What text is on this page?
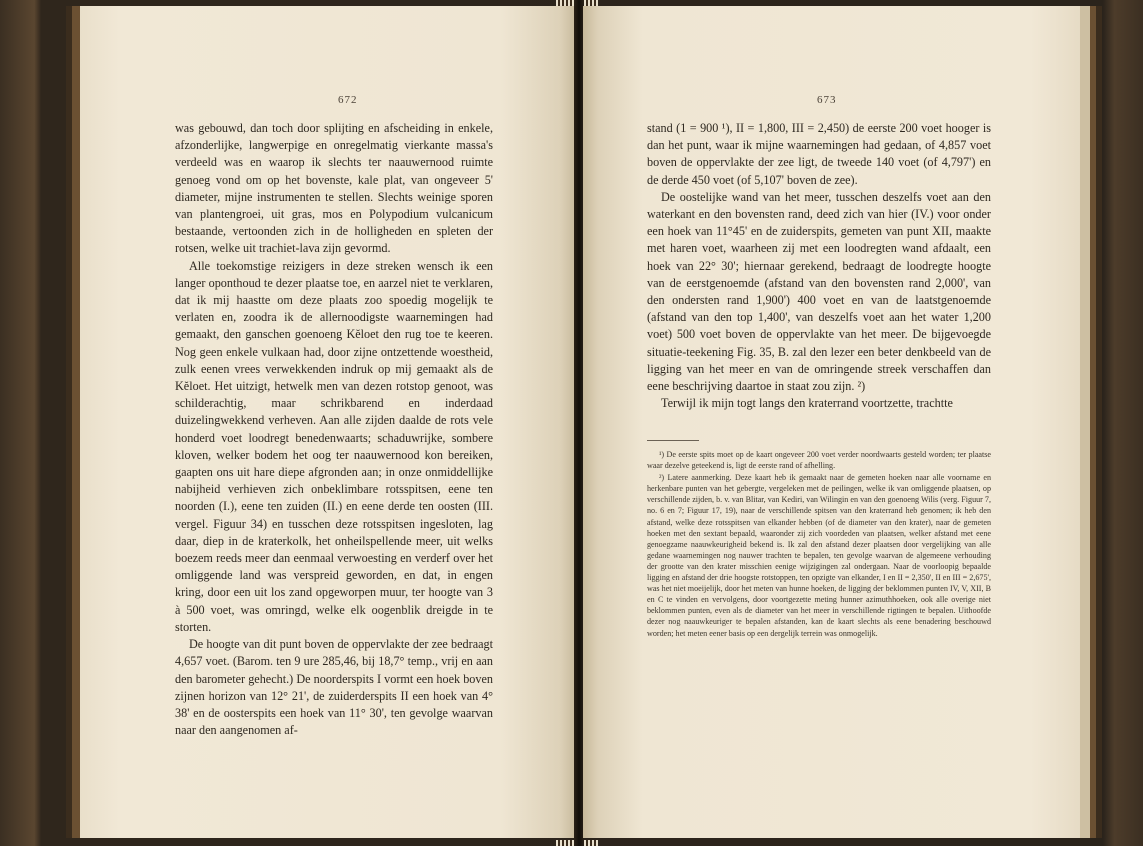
672

was gebouwd, dan toch door splijting en afscheiding in enkele, afzonderlijke, langwerpige en onregelmatig vierkante massa's verdeeld was en waarop ik slechts ter naauwernood ruimte genoeg vond om op het bovenste, kale plat, van ongeveer 5' diameter, mijne instrumenten te stellen. Slechts weinige sporen van plantengroei, uit gras, mos en Polypodium vulcanicum bestaande, vertoonden zich in de holligheden en spleten der rotsen, welke uit trachiet-lava zijn gevormd.

Alle toekomstige reizigers in deze streken wensch ik een langer oponthoud te dezer plaatse toe, en aarzel niet te verklaren, dat ik mij haastte om deze plaats zoo spoedig mogelijk te verlaten en, zoodra ik de allernoodigste waarnemingen had gemaakt, den ganschen goenoeng Kĕloet den rug toe te keeren. Nog geen enkele vulkaan had, door zijne ontzettende woestheid, zulk eenen vrees verwekkenden indruk op mij gemaakt als de Kĕloet. Het uitzigt, hetwelk men van dezen rotstop genoot, was schilderachtig, maar schrikbarend en inderdaad duizelingwekkend verheven. Aan alle zijden daalde de rots vele honderd voet loodregt benedenwaarts; schaduwrijke, sombere kloven, welker bodem het oog ter naauwernood kon bereiken, gaapten ons uit hare diepe afgronden aan; in onze onmiddellijke nabijheid verhieven zich onbeklimbare rotsspitsen, eene ten noorden (I.), eene ten zuiden (II.) en eene derde ten oosten (III. vergel. Figuur 34) en tusschen deze rotsspitsen ingesloten, lag daar, diep in de kraterkolk, het onheilspellende meer, uit welks boezem reeds meer dan eenmaal verwoesting en verderf over het omliggende land was verspreid geworden, en dat, in engen kring, door een uit los zand opgeworpen muur, ter hoogte van 3 à 500 voet, was omringd, welke elk oogenblik dreigde in te storten.

De hoogte van dit punt boven de oppervlakte der zee bedraagt 4,657 voet. (Barom. ten 9 ure 285,46, bij 18,7° temp., vrij en aan den barometer gehecht.) De noorderspits I vormt een hoek boven zijnen horizon van 12° 21', de zuiderderspits II een hoek van 4° 38' en de oosterspits een hoek van 11° 30', ten gevolge waarvan naar den aangenomen af-

673

stand (1 = 900 ¹), II = 1,800, III = 2,450) de eerste 200 voet hooger is dan het punt, waar ik mijne waarnemingen had gedaan, of 4,857 voet boven de oppervlakte der zee ligt, de tweede 140 voet (of 4,797') en de derde 450 voet (of 5,107' boven de zee).

De oostelijke wand van het meer, tusschen deszelfs voet aan den waterkant en den bovensten rand, deed zich van hier (IV.) voor onder een hoek van 11°45' en de zuiderspits, gemeten van punt XII, maakte met haren voet, waarheen zij met een loodregten wand afdaalt, een hoek van 22° 30'; hiernaar gerekend, bedraagt de loodregte hoogte van de eerstgenoemde (afstand van den bovensten rand 2,000', van den ondersten rand 1,900') 400 voet en van de laatstgenoemde (afstand van den top 1,400', van deszelfs voet aan het water 1,200 voet) 500 voet boven de oppervlakte van het meer. De bijgevoegde situatie-teekening Fig. 35, B. zal den lezer een beter denkbeeld van de ligging van het meer en van de omringende streek verschaffen dan eene beschrijving daartoe in staat zou zijn. ²)

Terwijl ik mijn togt langs den kraterrand voortzette, trachtte

¹) De eerste spits moet op de kaart ongeveer 200 voet verder noordwaarts gesteld worden; ter plaatse waar dezelve geteekend is, ligt de eerste rand of afhelling.

²) Latere aanmerking. Deze kaart heb ik gemaakt naar de gemeten hoeken naar alle voorname en herkenbare punten van het gebergte, vergeleken met de peilingen, welke ik van omliggende plaatsen, op verschillende zijden, b. v. van Blitar, van Kediri, van Wilingin en van den goenoeng Wilis (verg. Figuur 7, no. 6 en 7; Figuur 17, 19), naar de verschillende spitsen van den kraterrand heb genomen; ik heb den afstand, welke deze rotsspitsen van elkander hebben (of de diameter van den krater), naar de gemeten hoeken met den sextant bepaald, waaronder zij zich voordeden van plaatsen, welker afstand met eene genoegzame naauwkeurigheid bekend is. Ik zal den afstand dezer plaatsen door vergelijking van alle gedane waarnemingen nog nauwer trachten te bepalen, ten gevolge waarvan de algemeene verhouding der grootte van den krater misschien eenige wijzigingen zal ondergaan. Naar de voorloopig bepaalde ligging en afstand der drie hoogste rotstoppen, ten opzigte van elkander, I en II = 2,350', II en III = 2,675', was het niet moeijelijk, door het meten van hunne hoeken, de ligging der beklommen punten IV, V, XII, B en C te vinden en vervolgens, door voortgezette meting hunner azimuthhoeken, ook alle overige niet beklommen punten, even als de diameter van het meer in verschillende rigtingen te bepalen. Uithoofde dezer nog naauwkeuriger te bepalen afstanden, kan de kaart slechts als eene benadering beschouwd worden; het meten eener basis op een dergelijk terrein was onmogelijk.
